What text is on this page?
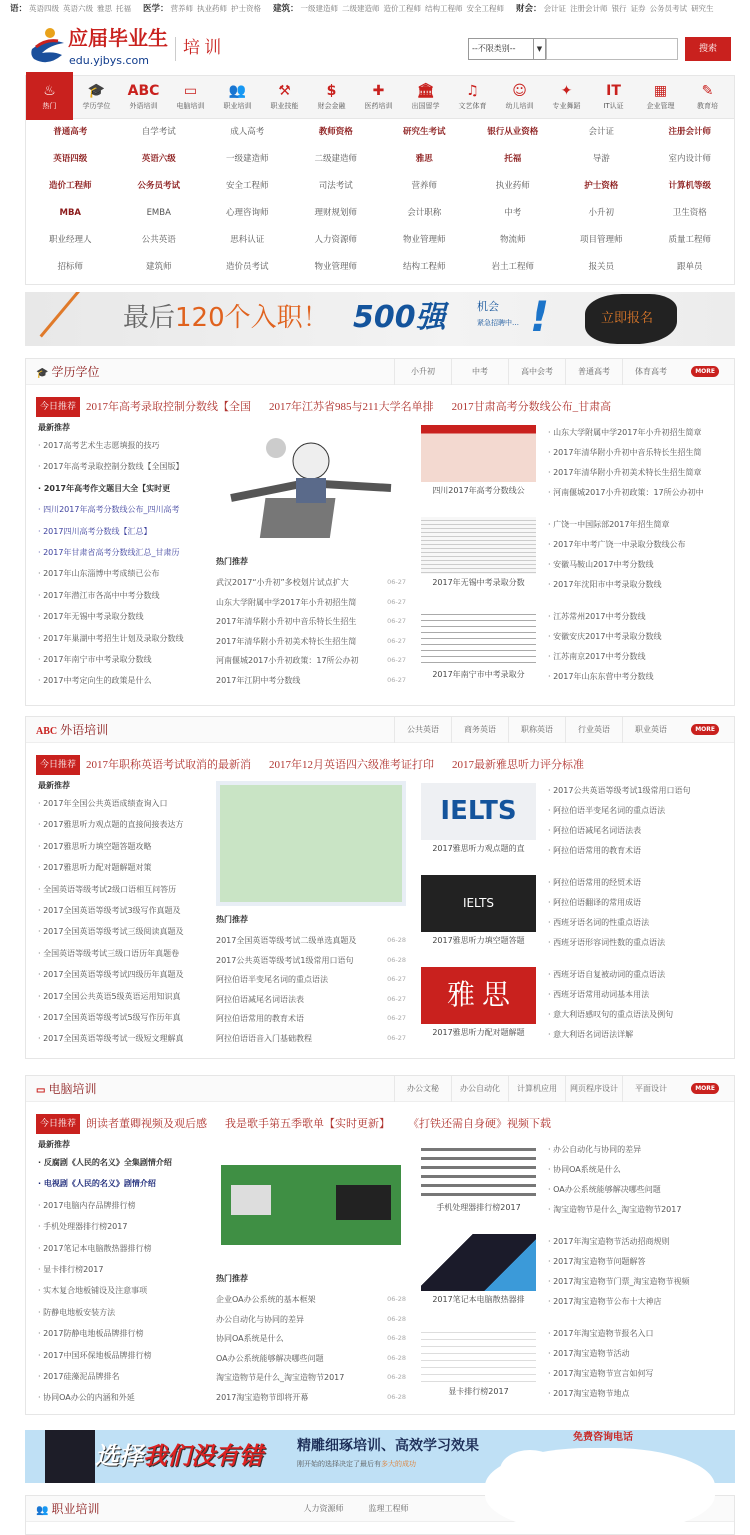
语： 英语四级 英语六级 雅思 托福 医学： 营养师 执业药师 护士资格 建筑： 一级建造师 二级建造师 造价工程师 结构工程师 安全工程师 财会： 会计证 注册会计师 银行 证券 公务员考试 研究生
应届毕业生
edu.yjbys.com
培 训	--不限类别--	▼	搜索
♨
热门
🎓
学历学位
ABC
外语培训
▭
电脑培训
👥
职业培训
⚒
职业技能
$
财会金融
✚
医药培训
🏛
出国留学
♫
文艺体育
☺
幼儿培训
✦
专业舞蹈
IT
IT认证
▦
企业管理
✎
教育培
普通高考	自学考试	成人高考	教师资格	研究生考试	银行从业资格	会计证	注册会计师
英语四级	英语六级	一级建造师	二级建造师	雅思	托福	导游	室内设计师
造价工程师	公务员考试	安全工程师	司法考试	营养师	执业药师	护士资格	计算机等级
MBA	EMBA	心理咨询师	理财规划师	会计职称	中考	小升初	卫生资格
职业经理人	公共英语	思科认证	人力资源师	物业管理师	物流师	项目管理师	质量工程师
招标师	建筑师	造价员考试	物业管理师	结构工程师	岩土工程师	报关员	跟单员
最后120个入职！ 500强	机会
紧急招聘中… !	立即报名
🎓 学历学位	小升初	中考	高中会考	普通高考	体育高考	MORE
今日推荐 2017年高考录取控制分数线【全国 2017年江苏省985与211大学名单排 2017甘肃高考分数线公布_甘肃高
最新推荐
· 2017高考艺术生志愿填报的技巧
· 2017年高考录取控制分数线【全国版】
· 2017年高考作文题目大全【实时更
· 四川2017年高考分数线公布_四川高考
· 2017四川高考分数线【汇总】
· 2017年甘肃省高考分数线汇总_甘肃历
· 2017年山东淄博中考成绩已公布
· 2017年潜江市各高中中考分数线
· 2017年无锡中考录取分数线
· 2017年巢湖中考招生计划及录取分数线
· 2017年南宁市中考录取分数线
· 2017中考定向生的政策是什么
热门推荐
武汉2017“小升初”多校划片试点扩大	06-27
山东大学附属中学2017年小升初招生简	06-27
2017年清华附小升初中音乐特长生招生	06-27
2017年清华附小升初美术特长生招生简	06-27
河南偃城2017小升初政策：17所公办初	06-27
2017年江阴中考分数线	06-27
四川2017年高考分数线公
· 山东大学附属中学2017年小升初招生简章
· 2017年清华附小升初中音乐特长生招生简
· 2017年清华附小升初美术特长生招生简章
· 河南偃城2017小升初政策：17所公办初中
2017年无锡中考录取分数
· 广饶一中国际部2017年招生简章
· 2017年中考广饶一中录取分数线公布
· 安徽马鞍山2017中考分数线
· 2017年沈阳市中考录取分数线
2017年南宁市中考录取分
· 江苏常州2017中考分数线
· 安徽安庆2017中考录取分数线
· 江苏南京2017中考分数线
· 2017年山东东营中考分数线
ABC 外语培训	公共英语	商务英语	职称英语	行业英语	职业英语	MORE
今日推荐 2017年职称英语考试取消的最新消 2017年12月英语四六级准考证打印 2017最新雅思听力评分标准
最新推荐
· 2017年全国公共英语成绩查询入口
· 2017雅思听力观点题的直接间接表达方
· 2017雅思听力填空题答题攻略
· 2017雅思听力配对题解题对策
· 全国英语等级考试2级口语相互问答历
· 2017全国英语等级考试3级写作真题及
· 2017全国英语等级考试三级阅读真题及
· 全国英语等级考试三级口语历年真题卷
· 2017全国英语等级考试四级历年真题及
· 2017全国公共英语5级英语运用知识真
· 2017全国英语等级考试5级写作历年真
· 2017全国英语等级考试一级短文理解真
热门推荐
2017全国英语等级考试二级单选真题及	06-28
2017公共英语等级考试1级常用口语句	06-28
阿拉伯语半变尾名词的重点语法	06-27
阿拉伯语减尾名词语法表	06-27
阿拉伯语常用的教育术语	06-27
阿拉伯语语音入门基础教程	06-27
IELTS
2017雅思听力观点题的直
· 2017公共英语等级考试1级常用口语句
· 阿拉伯语半变尾名词的重点语法
· 阿拉伯语减尾名词语法表
· 阿拉伯语常用的教育术语
IELTS
2017雅思听力填空题答题
· 阿拉伯语常用的经贸术语
· 阿拉伯语翻译的常用成语
· 西班牙语名词的性重点语法
· 西班牙语形容词性数的重点语法
雅 思
2017雅思听力配对题解题
· 西班牙语自复被动词的重点语法
· 西班牙语常用动词基本用法
· 意大利语感叹句的重点语法及例句
· 意大利语名词语法详解
▭ 电脑培训	办公文秘	办公自动化	计算机应用	网页程序设计	平面设计	MORE
今日推荐 朗读者董卿视频及观后感 我是歌手第五季歌单【实时更新】 《打铁还需自身硬》视频下载
最新推荐
· 反腐剧《人民的名义》全集剧情介绍
· 电视剧《人民的名义》剧情介绍
· 2017电脑内存品牌排行榜
· 手机处理器排行榜2017
· 2017笔记本电脑散热器排行榜
· 显卡排行榜2017
· 实木复合地板铺设及注意事项
· 防静电地板安装方法
· 2017防静电地板品牌排行榜
· 2017中国环保地板品牌排行榜
· 2017硅藻泥品牌排名
· 协同OA办公的内涵和外延
热门推荐
企业OA办公系统的基本框架	06-28
办公自动化与协同的差异	06-28
协同OA系统是什么	06-28
OA办公系统能够解决哪些问题	06-28
淘宝造物节是什么_淘宝造物节2017	06-28
2017淘宝造物节即将开幕	06-28
手机处理器排行榜2017
· 办公自动化与协同的差异
· 协同OA系统是什么
· OA办公系统能够解决哪些问题
· 淘宝造物节是什么_淘宝造物节2017
2017笔记本电脑散热器排
· 2017年淘宝造物节活动招商规则
· 2017淘宝造物节问题解答
· 2017淘宝造物节门票_淘宝造物节视频
· 2017淘宝造物节公布十大神店
显卡排行榜2017
· 2017年淘宝造物节报名入口
· 2017淘宝造物节活动
· 2017淘宝造物节宣言如何写
· 2017淘宝造物节地点
选择我们没有错 精雕细琢培训、高效学习效果
刚开始的选择决定了最后有多大的成功
免费咨询电话
👥 职业培训	人力资源师	监理工程师
